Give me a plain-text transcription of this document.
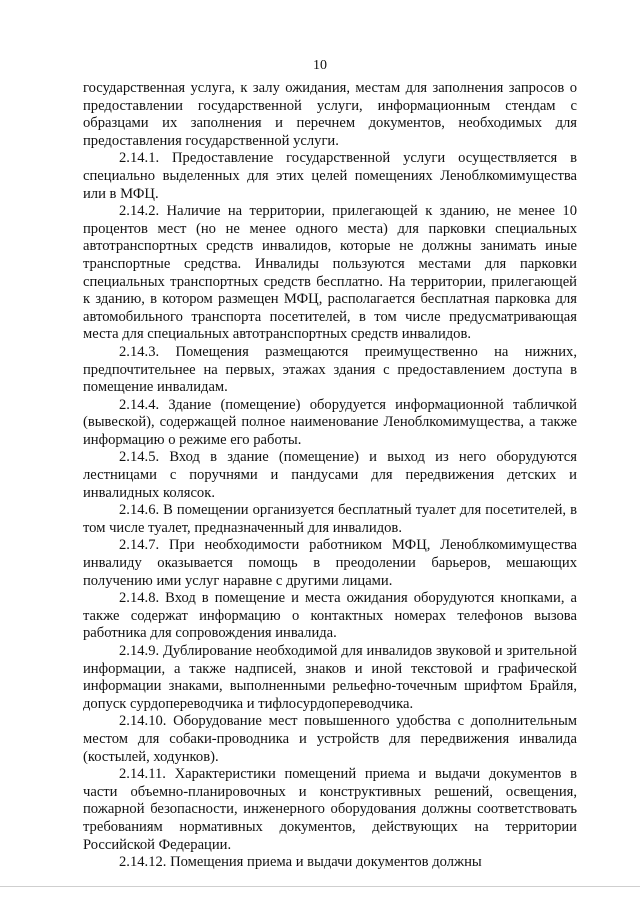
10

государственная услуга, к залу ожидания, местам для заполнения запросов о предоставлении государственной услуги, информационным стендам с образцами их заполнения и перечнем документов, необходимых для предоставления государственной услуги.

2.14.1. Предоставление государственной услуги осуществляется в специально выделенных для этих целей помещениях Ленoблкомимущества или в МФЦ.

2.14.2. Наличие на территории, прилегающей к зданию, не менее 10 процентов мест (но не менее одного места) для парковки специальных автотранспортных средств инвалидов, которые не должны занимать иные транспортные средства. Инвалиды пользуются местами для парковки специальных транспортных средств бесплатно. На территории, прилегающей к зданию, в котором размещен МФЦ, располагается бесплатная парковка для автомобильного транспорта посетителей, в том числе предусматривающая места для специальных автотранспортных средств инвалидов.

2.14.3. Помещения размещаются преимущественно на нижних, предпочтительнее на первых, этажах здания с предоставлением доступа в помещение инвалидам.

2.14.4. Здание (помещение) оборудуется информационной табличкой (вывеской), содержащей полное наименование Ленoблкомимущества, а также информацию о режиме его работы.

2.14.5. Вход в здание (помещение) и выход из него оборудуются лестницами с поручнями и пандусами для передвижения детских и инвалидных колясок.

2.14.6. В помещении организуется бесплатный туалет для посетителей, в том числе туалет, предназначенный для инвалидов.

2.14.7. При необходимости работником МФЦ, Ленoблкомимущества инвалиду оказывается помощь в преодолении барьеров, мешающих получению ими услуг наравне с другими лицами.

2.14.8. Вход в помещение и места ожидания оборудуются кнопками, а также содержат информацию о контактных номерах телефонов вызова работника для сопровождения инвалида.

2.14.9. Дублирование необходимой для инвалидов звуковой и зрительной информации, а также надписей, знаков и иной текстовой и графической информации знаками, выполненными рельефно-точечным шрифтом Брайля, допуск сурдопереводчика и тифлосурдопереводчика.

2.14.10. Оборудование мест повышенного удобства с дополнительным местом для собаки-проводника и устройств для передвижения инвалида (костылей, ходунков).

2.14.11. Характеристики помещений приема и выдачи документов в части объемно-планировочных и конструктивных решений, освещения, пожарной безопасности, инженерного оборудования должны соответствовать требованиям нормативных документов, действующих на территории Российской Федерации.

2.14.12. Помещения приема и выдачи документов должны
